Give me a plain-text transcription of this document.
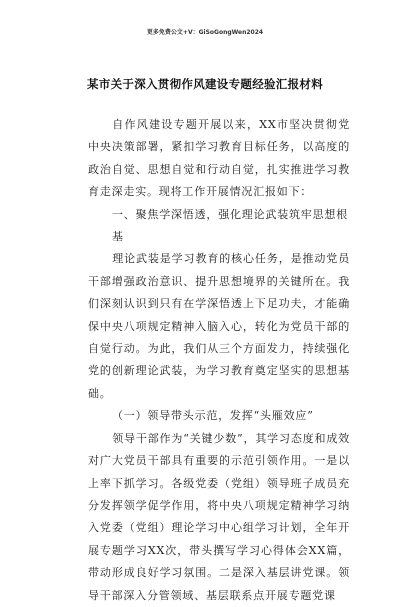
更多免费公文+V：GiSoGongWen2024
某市关于深入贯彻作风建设专题经验汇报材料

自作风建设专题开展以来，XX市坚决贯彻党中央决策部署，紧扣学习教育目标任务，以高度的政治自觉、思想自觉和行动自觉，扎实推进学习教育走深走实。现将工作开展情况汇报如下：

一、聚焦学深悟透，强化理论武装筑牢思想根基

理论武装是学习教育的核心任务，是推动党员干部增强政治意识、提升思想境界的关键所在。我们深刻认识到只有在学深悟透上下足功夫，才能确保中央八项规定精神入脑入心，转化为党员干部的自觉行动。为此，我们从三个方面发力，持续强化党的创新理论武装，为学习教育奠定坚实的思想基础。

（一）领导带头示范，发挥“头雁效应”

领导干部作为“关键少数”，其学习态度和成效对广大党员干部具有重要的示范引领作用。一是以上率下抓学习。各级党委（党组）领导班子成员充分发挥领学促学作用，将中央八项规定精神学习纳入党委（党组）理论学习中心组学习计划，全年开展专题学习XX次，带头撰写学习心得体会XX篇，带动形成良好学习氛围。二是深入基层讲党课。领导干部深入分管领域、基层联系点开展专题党课
